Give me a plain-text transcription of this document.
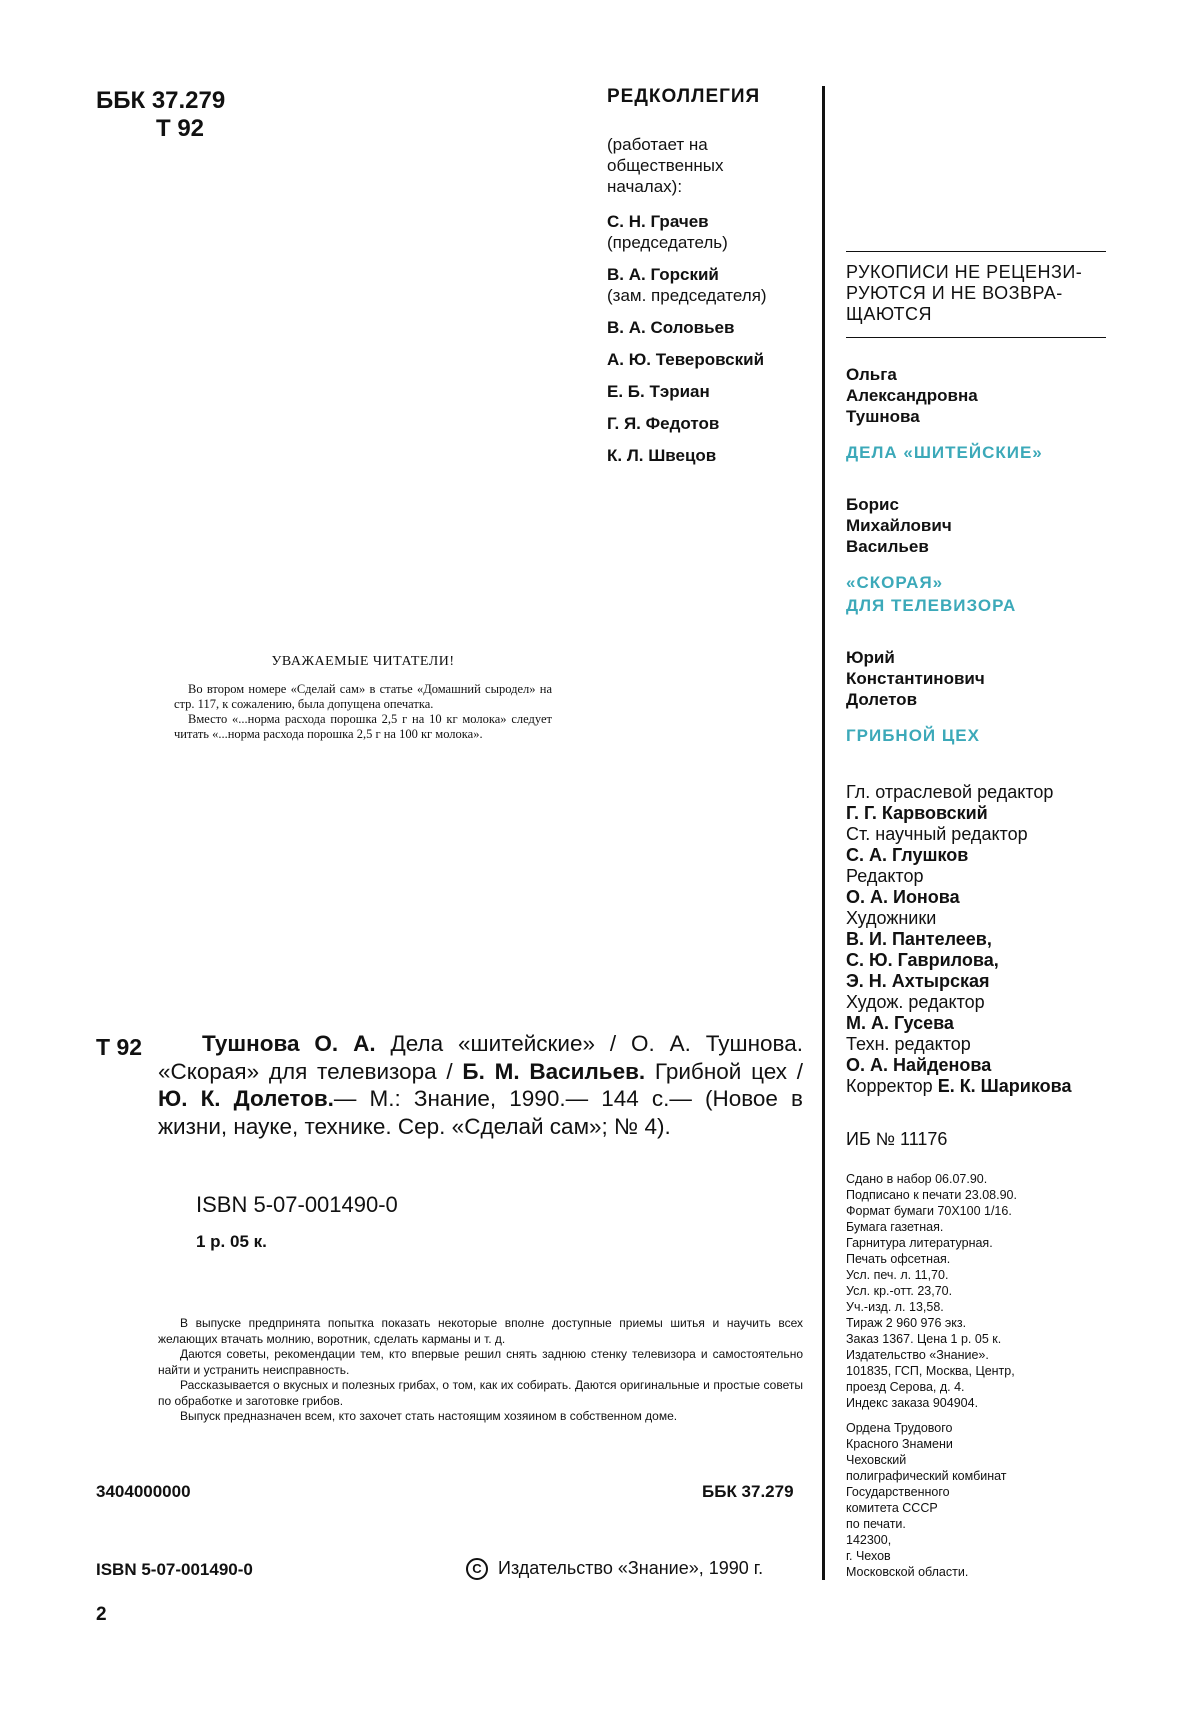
ББК 37.279
Т 92
РЕДКОЛЛЕГИЯ
(работает на
общественных
началах):
С. Н. Грачев
(председатель)
В. А. Горский
(зам. председателя)
В. А. Соловьев
А. Ю. Теверовский
Е. Б. Тэриан
Г. Я. Федотов
К. Л. Швецов
РУКОПИСИ НЕ РЕЦЕНЗИ-
РУЮТСЯ И НЕ ВОЗВРА-
ЩАЮТСЯ
Ольга
Александровна
Тушнова
ДЕЛА «ШИТЕЙСКИЕ»
Борис
Михайлович
Васильев
«СКОРАЯ»
ДЛЯ ТЕЛЕВИЗОРА
Юрий
Константинович
Долетов
ГРИБНОЙ ЦЕХ
Гл. отраслевой редактор
Г. Г. Карвовский
Ст. научный редактор
С. А. Глушков
Редактор
О. А. Ионова
Художники
В. И. Пантелеев,
С. Ю. Гаврилова,
Э. Н. Ахтырская
Худож. редактор
М. А. Гусева
Техн. редактор
О. А. Найденова
Корректор Е. К. Шарикова
ИБ № 11176
Сдано в набор 06.07.90.
Подписано к печати 23.08.90.
Формат бумаги 70Х100 1/16.
Бумага газетная.
Гарнитура литературная.
Печать офсетная.
Усл. печ. л. 11,70.
Усл. кр.-отт. 23,70.
Уч.-изд. л. 13,58.
Тираж 2 960 976 экз.
Заказ 1367. Цена 1 р. 05 к.
Издательство «Знание».
101835, ГСП, Москва, Центр,
проезд Серова, д. 4.
Индекс заказа 904904.
Ордена Трудового
Красного Знамени
Чеховский
полиграфический комбинат
Государственного
комитета СССР
по печати.
142300,
г. Чехов
Московской области.
УВАЖАЕМЫЕ ЧИТАТЕЛИ!

Во втором номере «Сделай сам» в статье «Домашний сыродел» на стр. 117, к сожалению, была допущена опечатка.

Вместо «...норма расхода порошка 2,5 г на 10 кг молока» следует читать «...норма расхода порошка 2,5 г на 100 кг молока».

Т 92	Тушнова О. А. Дела «шитейские» / О. А. Тушнова. «Скорая» для телевизора / Б. М. Васильев. Грибной цех / Ю. К. Долетов.— М.: Знание, 1990.— 144 с.— (Новое в жизни, науке, технике. Сер. «Сделай сам»; № 4).
ISBN 5-07-001490-0
1 р. 05 к.

В выпуске предпринята попытка показать некоторые вполне доступные приемы шитья и научить всех желающих втачать молнию, воротник, сделать карманы и т. д.

Даются советы, рекомендации тем, кто впервые решил снять заднюю стенку телевизора и самостоятельно найти и устранить неисправность.

Рассказывается о вкусных и полезных грибах, о том, как их собирать. Даются оригинальные и простые советы по обработке и заготовке грибов.

Выпуск предназначен всем, кто захочет стать настоящим хозяином в собственном доме.

3404000000	ББК 37.279
ISBN 5-07-001490-0	C Издательство «Знание», 1990 г.
2
